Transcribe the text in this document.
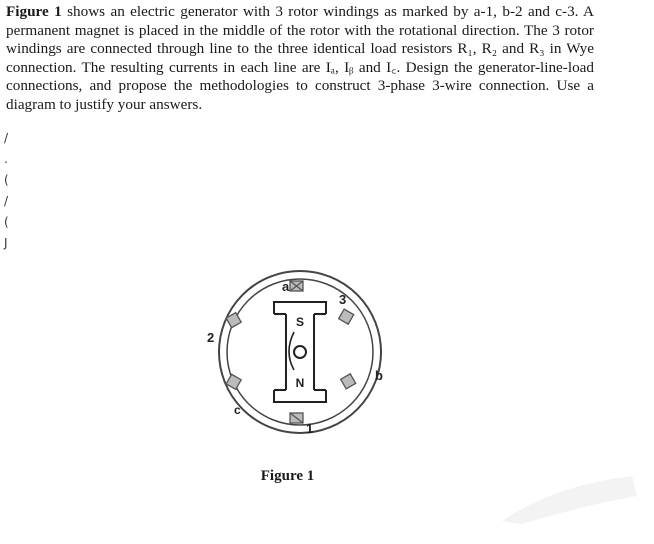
Figure 1 shows an electric generator with 3 rotor windings as marked by a-1, b-2 and c-3. A permanent magnet is placed in the middle of the rotor with the rotational direction. The 3 rotor windings are connected through line to the three identical load resistors R₁, R₂ and R₃ in Wye connection. The resulting currents in each line are Iₐ, Iᵦ and I꜀. Design the generator-line-load connections, and propose the methodologies to construct 3-phase 3-wire connection. Use a diagram to justify your answers.
/
.
(
/
(
J
S
N
a
1
2
3
b
c
Figure 1
